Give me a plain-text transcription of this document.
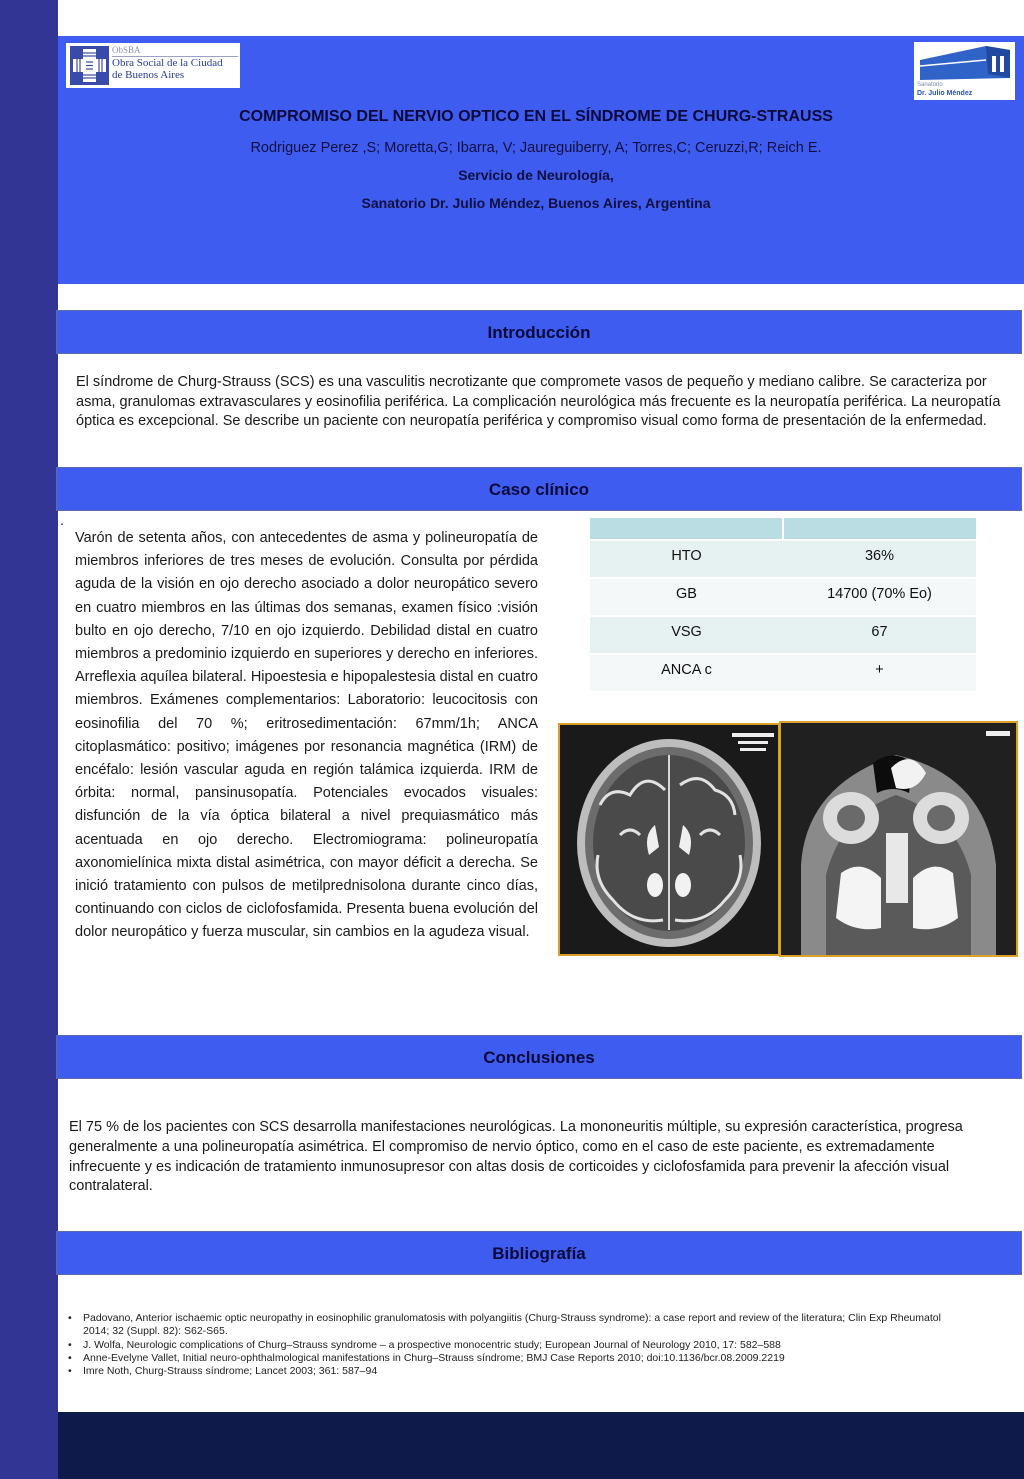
ObSBA
Obra Social de la Ciudad
de Buenos Aires
Sanatorio
Dr. Julio Méndez
COMPROMISO DEL NERVIO OPTICO EN EL SÍNDROME DE CHURG-STRAUSS
Rodriguez Perez ,S; Moretta,G; Ibarra, V; Jaureguiberry, A; Torres,C; Ceruzzi,R; Reich E.
Servicio de Neurología,
Sanatorio Dr. Julio Méndez, Buenos Aires, Argentina
Introducción
El síndrome de Churg-Strauss (SCS) es una vasculitis necrotizante que compromete vasos de pequeño y mediano calibre. Se caracteriza por asma, granulomas extravasculares y eosinofilia periférica. La complicación neurológica más frecuente es la neuropatía periférica. La neuropatía óptica es excepcional. Se describe un paciente con neuropatía periférica y compromiso visual como forma de presentación de la enfermedad.
Caso clínico
.
Varón de setenta años, con antecedentes de asma y polineuropatía de miembros inferiores de tres meses de evolución. Consulta por pérdida aguda de la visión en ojo derecho asociado a dolor neuropático severo en cuatro miembros en las últimas dos semanas, examen físico :visión bulto en ojo derecho, 7/10 en ojo izquierdo. Debilidad distal en cuatro miembros a predominio izquierdo en superiores y derecho en inferiores. Arreflexia aquílea bilateral. Hipoestesia e hipopalestesia distal en cuatro miembros. Exámenes complementarios: Laboratorio: leucocitosis con eosinofilia del 70 %; eritrosedimentación: 67mm/1h; ANCA citoplasmático: positivo; imágenes por resonancia magnética (IRM) de encéfalo: lesión vascular aguda en región talámica izquierda. IRM de órbita: normal, pansinusopatía. Potenciales evocados visuales: disfunción de la vía óptica bilateral a nivel prequiasmático más acentuada en ojo derecho. Electromiograma: polineuropatía axonomielínica mixta distal asimétrica, con mayor déficit a derecha. Se inició tratamiento con pulsos de metilprednisolona durante cinco días, continuando con ciclos de ciclofosfamida. Presenta buena evolución del dolor neuropático y fuerza muscular, sin cambios en la agudeza visual.
HTO	36%
GB	14700 (70% Eo)
VSG	67
ANCA c	+
Conclusiones
El 75 % de los pacientes con SCS desarrolla manifestaciones neurológicas. La mononeuritis múltiple, su expresión característica, progresa generalmente a una polineuropatía asimétrica. El compromiso de nervio óptico, como en el caso de este paciente, es extremadamente infrecuente y es indicación de tratamiento inmunosupresor con altas dosis de corticoides y ciclofosfamida para prevenir la afección visual contralateral.
Bibliografía
• Padovano, Anterior ischaemic optic neuropathy in eosinophilic granulomatosis with polyangiitis (Churg-Strauss syndrome): a case report and review of the literatura; Clin Exp Rheumatol 2014; 32 (Suppl. 82): S62-S65.
• J. Wolfa, Neurologic complications of Churg–Strauss syndrome – a prospective monocentric study; European Journal of Neurology 2010, 17: 582–588
• Anne-Evelyne Vallet, Initial neuro-ophthalmological manifestations in Churg–Strauss síndrome; BMJ Case Reports 2010; doi:10.1136/bcr.08.2009.2219
• Imre Noth, Churg-Strauss síndrome; Lancet 2003; 361: 587–94
